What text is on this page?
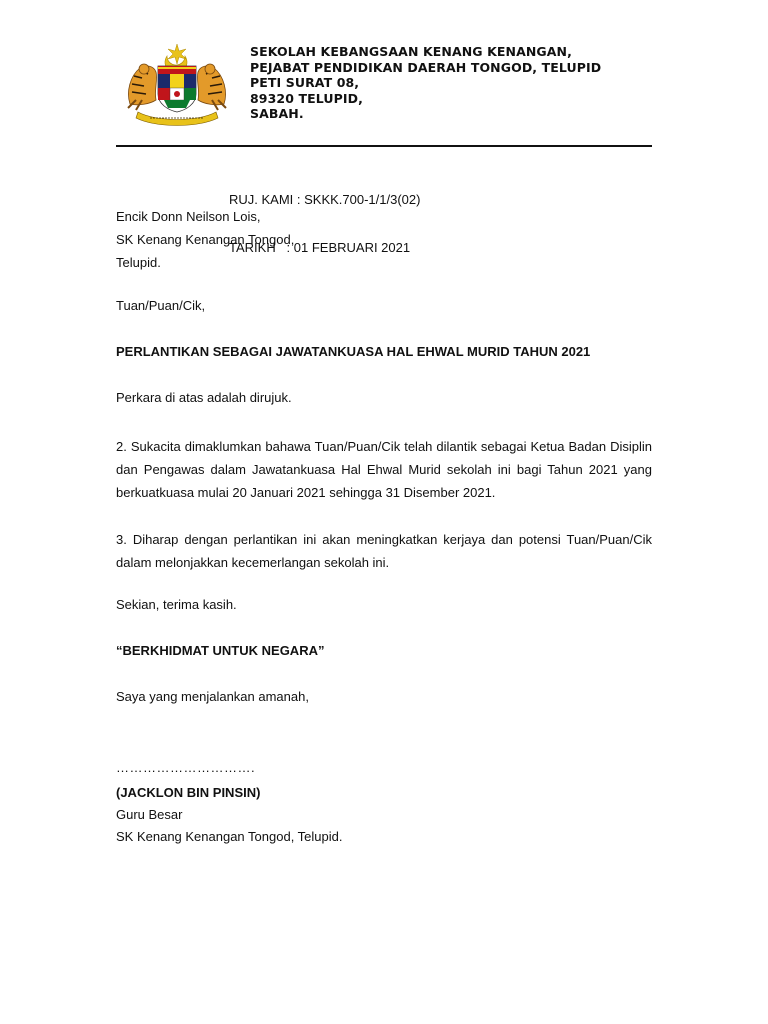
SEKOLAH KEBANGSAAN KENANG KENANGAN,
PEJABAT PENDIDIKAN DAERAH TONGOD, TELUPID
PETI SURAT 08,
89320 TELUPID,
SABAH.

RUJ. KAMI : SKKK.700-1/1/3(02)

TARIKH   : 01 FEBRUARI 2021

Encik Donn Neilson Lois,
SK Kenang Kenangan Tongod,
Telupid.
Tuan/Puan/Cik,
PERLANTIKAN SEBAGAI JAWATANKUASA HAL EHWAL MURID TAHUN 2021
Perkara di atas adalah dirujuk.
2. Sukacita dimaklumkan bahawa Tuan/Puan/Cik telah dilantik sebagai Ketua Badan Disiplin dan Pengawas dalam Jawatankuasa Hal Ehwal Murid sekolah ini bagi Tahun 2021 yang berkuatkuasa mulai 20 Januari 2021 sehingga 31 Disember 2021.
3. Diharap dengan perlantikan ini akan meningkatkan kerjaya dan potensi Tuan/Puan/Cik dalam melonjakkan kecemerlangan sekolah ini.
Sekian, terima kasih.
“BERKHIDMAT UNTUK NEGARA”
Saya yang menjalankan amanah,
………………………….
(JACKLON BIN PINSIN)
Guru Besar
SK Kenang Kenangan Tongod, Telupid.
